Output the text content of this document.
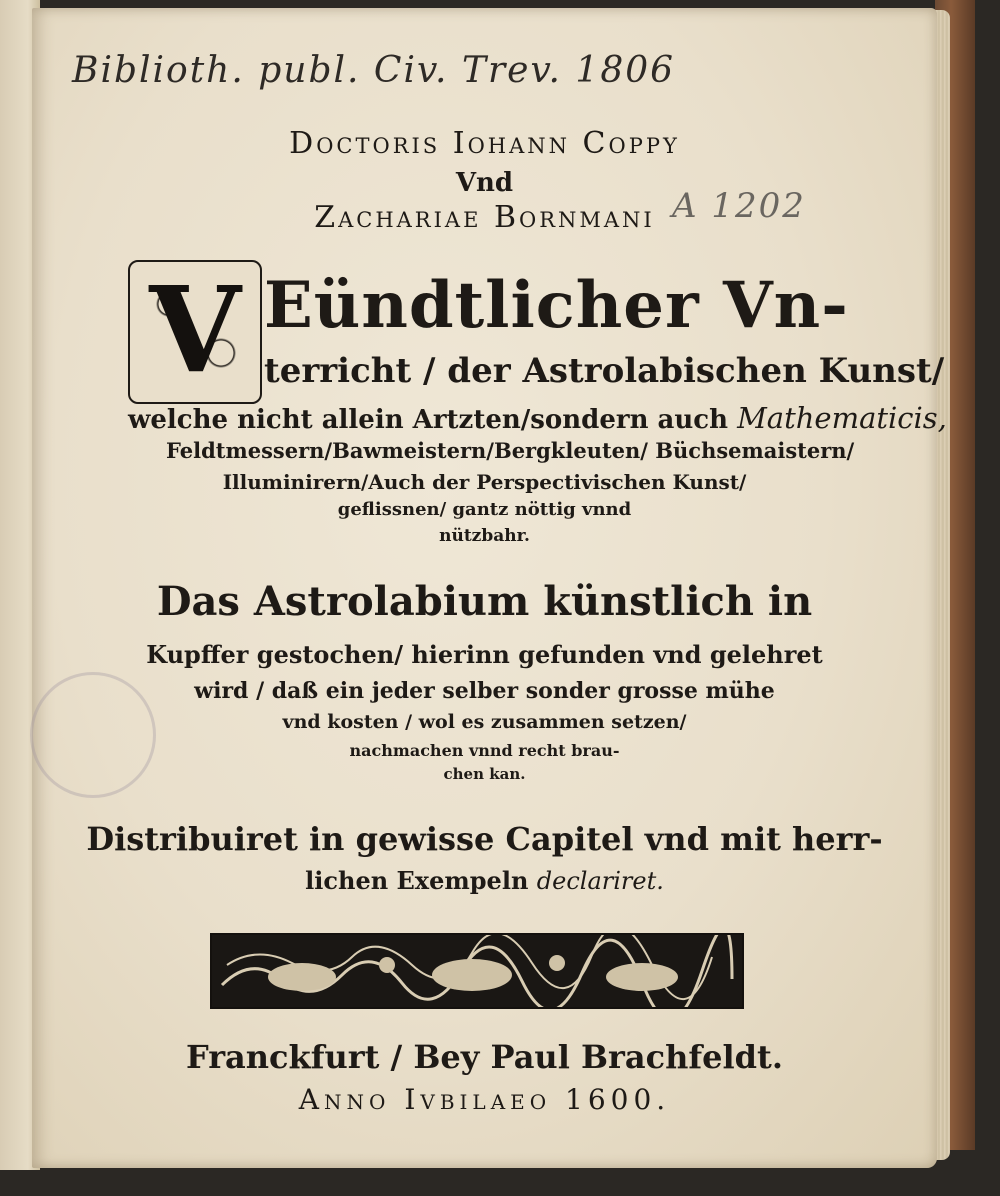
Biblioth. publ. Civ. Trev. 1806
A 1202
Doctoris Iohann Coppy
Vnd
Zachariae Bornmani
V Eündtlicher Vn-
terricht / der Astrolabischen Kunst/
welche nicht allein Artzten/sondern auch Mathematicis,
Feldtmessern/Bawmeistern/Bergkleuten/ Büchsemaistern/
Illuminirern/Auch der Perspectivischen Kunst/
geflissnen/ gantz nöttig vnnd
nützbahr.
Das Astrolabium künstlich in
Kupffer gestochen/ hierinn gefunden vnd gelehret
wird / daß ein jeder selber sonder grosse mühe
vnd kosten / wol es zusammen setzen/
nachmachen vnnd recht brau-
chen kan.
Distribuiret in gewisse Capitel vnd mit herr-
lichen Exempeln declariret.
Franckfurt / Bey Paul Brachfeldt.
Anno Ivbilaeo 1600.
